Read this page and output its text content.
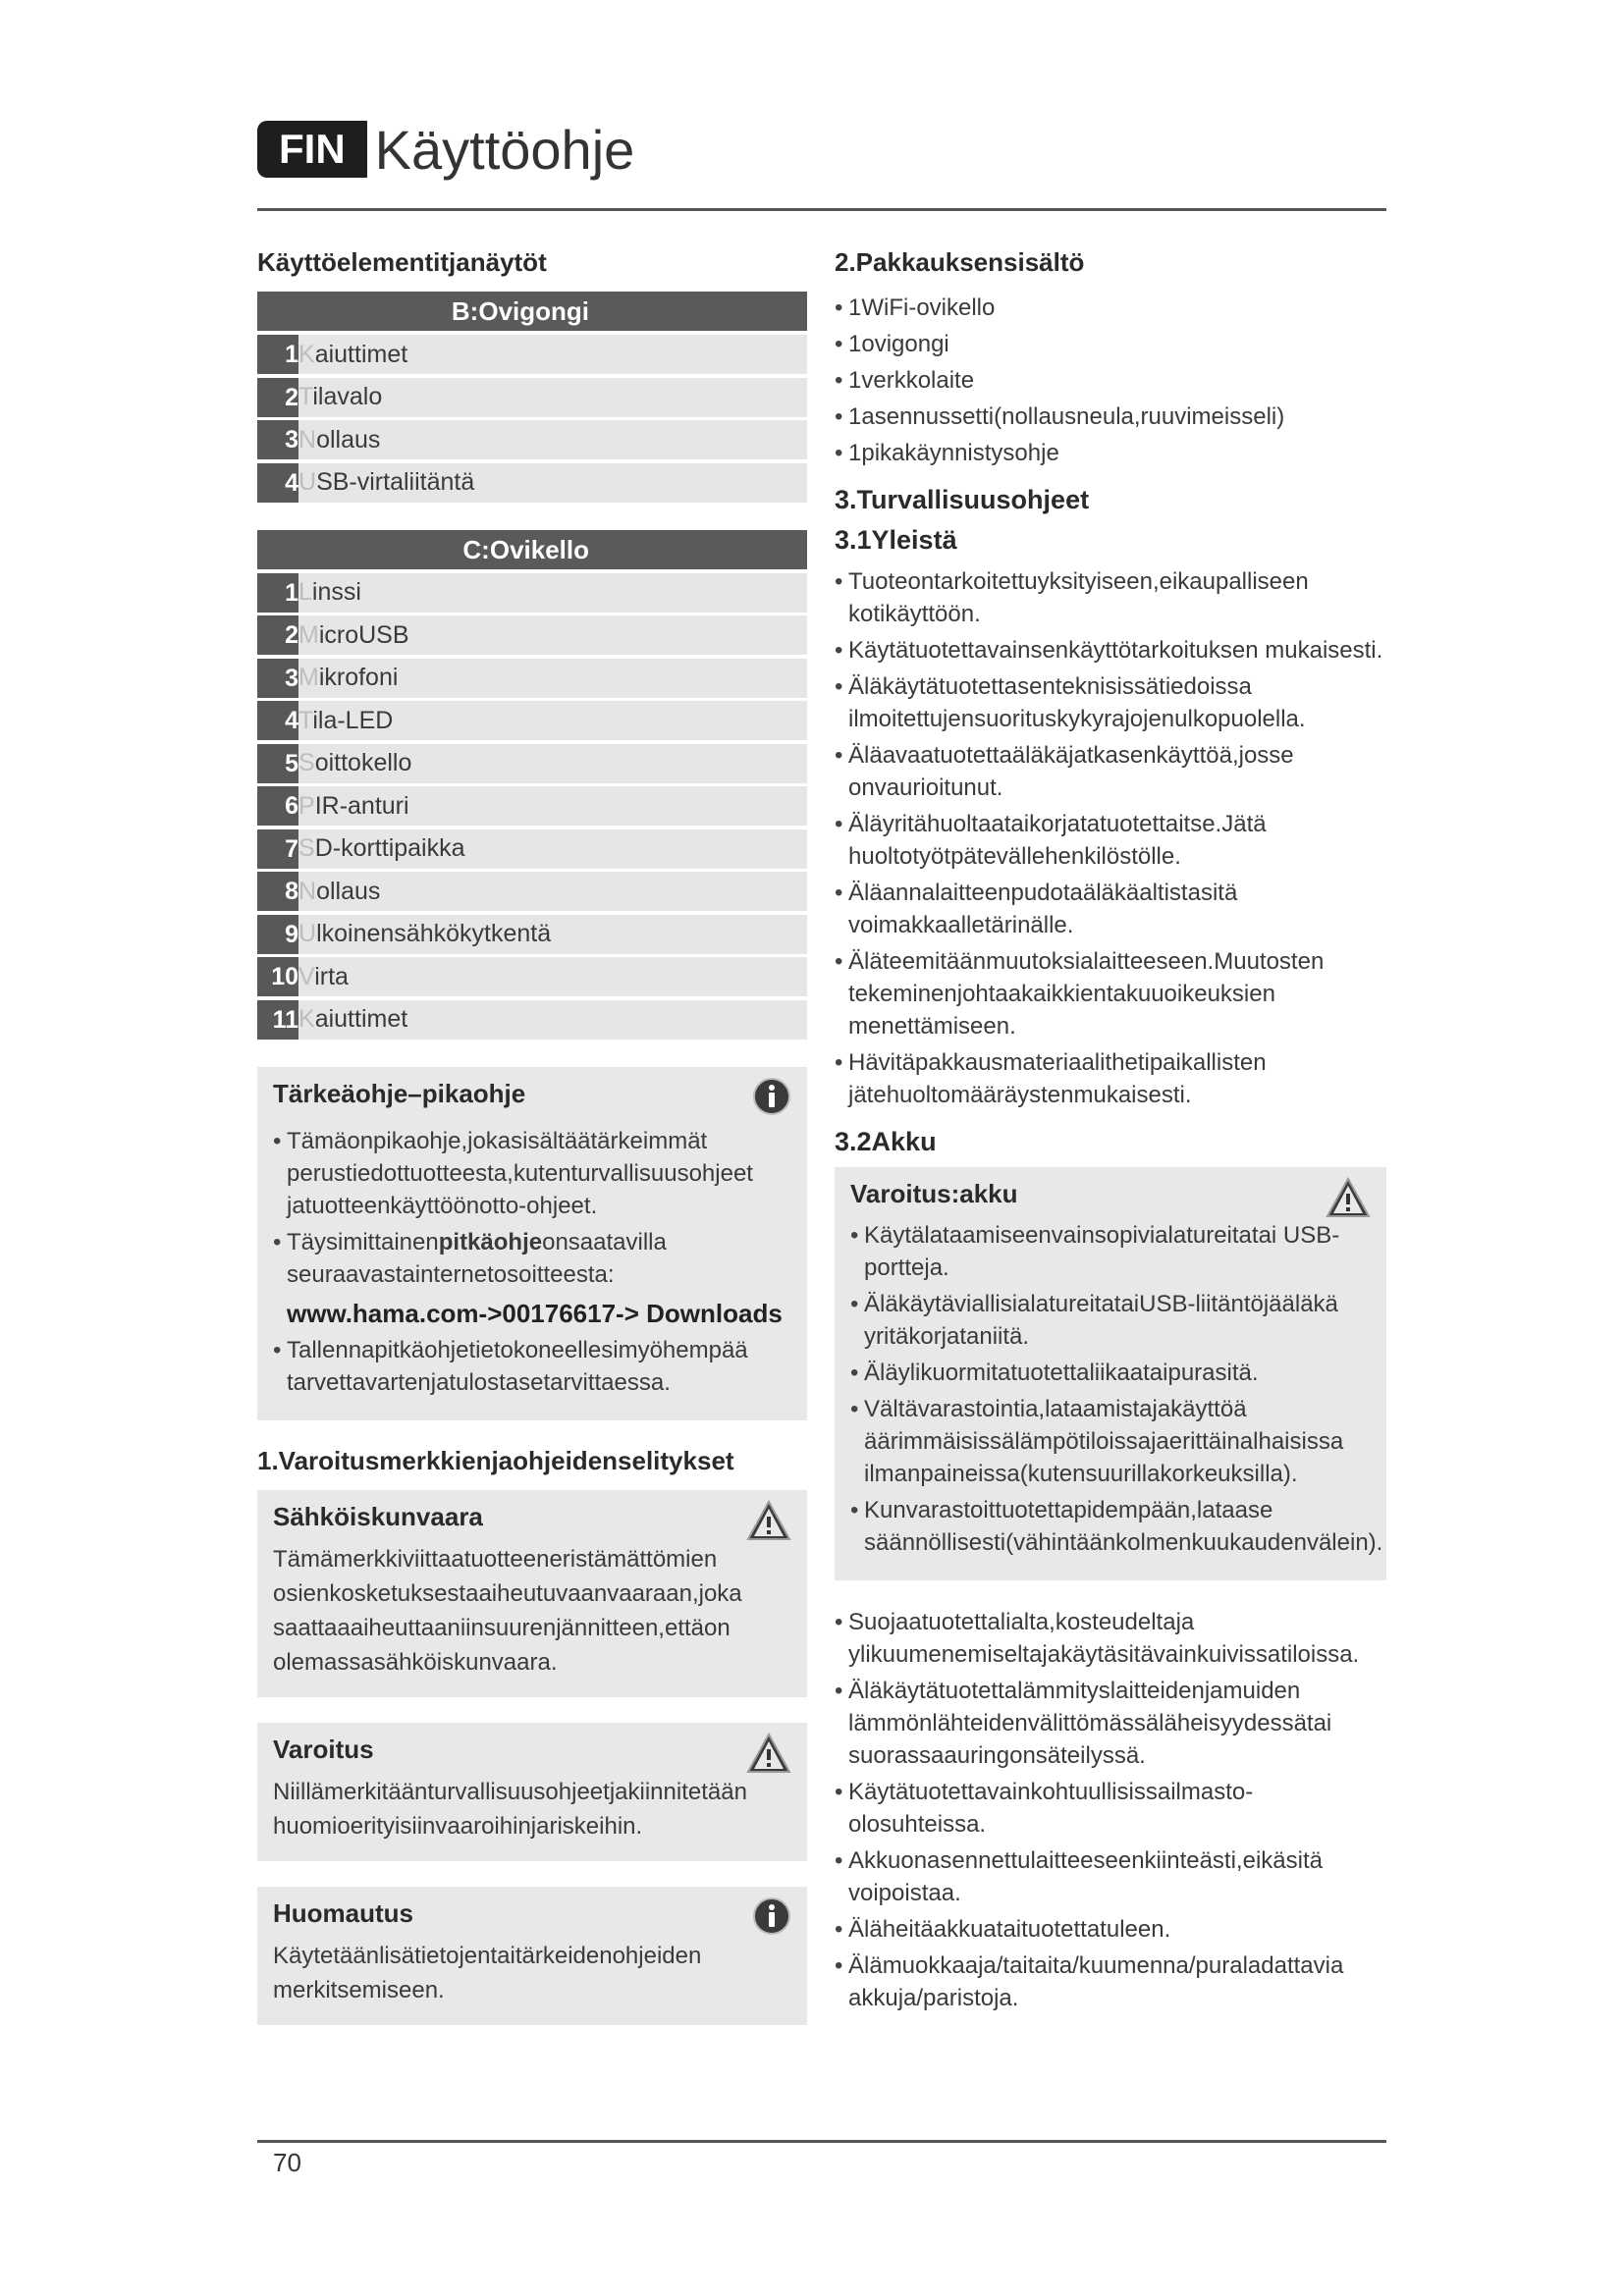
FIN Käyttöohje
Käyttöelementitjanäytöt
B:Ovigongi
1 Kaiuttimet
2 Tilavalo
3 Nollaus
4 USB-virtaliitäntä
C:Ovikello
1 Linssi
2 MicroUSB
3 Mikrofoni
4 Tila-LED
5 Soittokello
6 PIR-anturi
7 SD-korttipaikka
8 Nollaus
9 Ulkoinensähkökytkentä
10 Virta
11 Kaiuttimet
Tärkeäohje–pikaohje
• Tämäonpikaohje,jokasisältäätärkeimmät perustiedottuotteesta,kutenturvallisuusohjeet jatuotteenkäyttöönotto-ohjeet.
• Täysimittainenpitkäohjeonsaatavilla seuraavastainternetosoitteesta:
www.hama.com->00176617-> Downloads
• Tallennapitkäohjetietokoneellesimyöhempää tarvettavartenjatulostasetarvittaessa.
1.Varoitusmerkkienjaohjeidenselitykset
Sähköiskunvaara
Tämämerkkiviittaatuotteeneristämättömien osienkosketuksestaaiheutuvaanvaaraan,joka saattaaaiheuttaaniinsuurenjännitteen,ettäon olemassasähköiskunvaara.
Varoitus
Niillämerkitäänturvallisuusohjeetjakiinnitetään huomioerityisiinvaaroihinjariskeihin.
Huomautus
Käytetäänlisätietojentaitärkeidenohjeiden merkitsemiseen.
2.Pakkauksensisältö
• 1WiFi-ovikello
• 1ovigongi
• 1verkkolaite
• 1asennussetti(nollausneula,ruuvimeisseli)
• 1pikakäynnistysohje
3.Turvallisuusohjeet
3.1Yleistä
• Tuoteontarkoitettuyksityiseen,eikaupalliseen kotikäyttöön.
• Käytätuotettavainsenkäyttötarkoituksen mukaisesti.
• Äläkäytätuotettasenteknisissätiedoissa ilmoitettujensuorituskykyrajojenulkopuolella.
• Äläavaatuotettaäläkäjatkasenkäyttöä,josse onvaurioitunut.
• Äläyritähuoltaataikorjatatuotettaitse.Jätä huoltotyötpätevällehenkilöstölle.
• Äläannalaitteenpudotaäläkäaltistasitä voimakkaalletärinälle.
• Äläteemitäänmuutoksialaitteeseen.Muutosten tekeminenjohtaakaikkientakuuoikeuksien menettämiseen.
• Hävitäpakkausmateriaalithetipaikallisten jätehuoltomääräystenmukaisesti.
3.2Akku
Varoitus:akku
• Käytälataamiseenvainsopivialatureitatai USB-portteja.
• ÄläkäytäviallisialatureitataiUSB-liitäntöjääläkä yritäkorjataniitä.
• Äläylikuormitatuotettaliikaataipurasitä.
• Vältävarastointia,lataamistajakäyttöä äärimmäisissälämpötiloissajaerittäinalhaisissa ilmanpaineissa(kutensuurillakorkeuksilla).
• Kunvarastoittuotettapidempään,lataase säännöllisesti(vähintäänkolmenkuukaudenvälein).
• Suojaatuotettalialta,kosteudeltaja ylikuumenemiseltajakäytäsitävainkuivissatiloissa.
• Äläkäytätuotettalämmityslaitteidenjamuiden lämmönlähteidenvälittömässäläheisyydessätai suorassaauringonsäteilyssä.
• Käytätuotettavainkohtuullisissailmasto- olosuhteissa.
• Akkuonasennettulaitteeseenkiinteästi,eikäsitä voipoistaa.
• Äläheitäakkuataituotettatuleen.
• Älämuokkaaja/taitaita/kuumenna/puraladattavia akkuja/paristoja.
70
